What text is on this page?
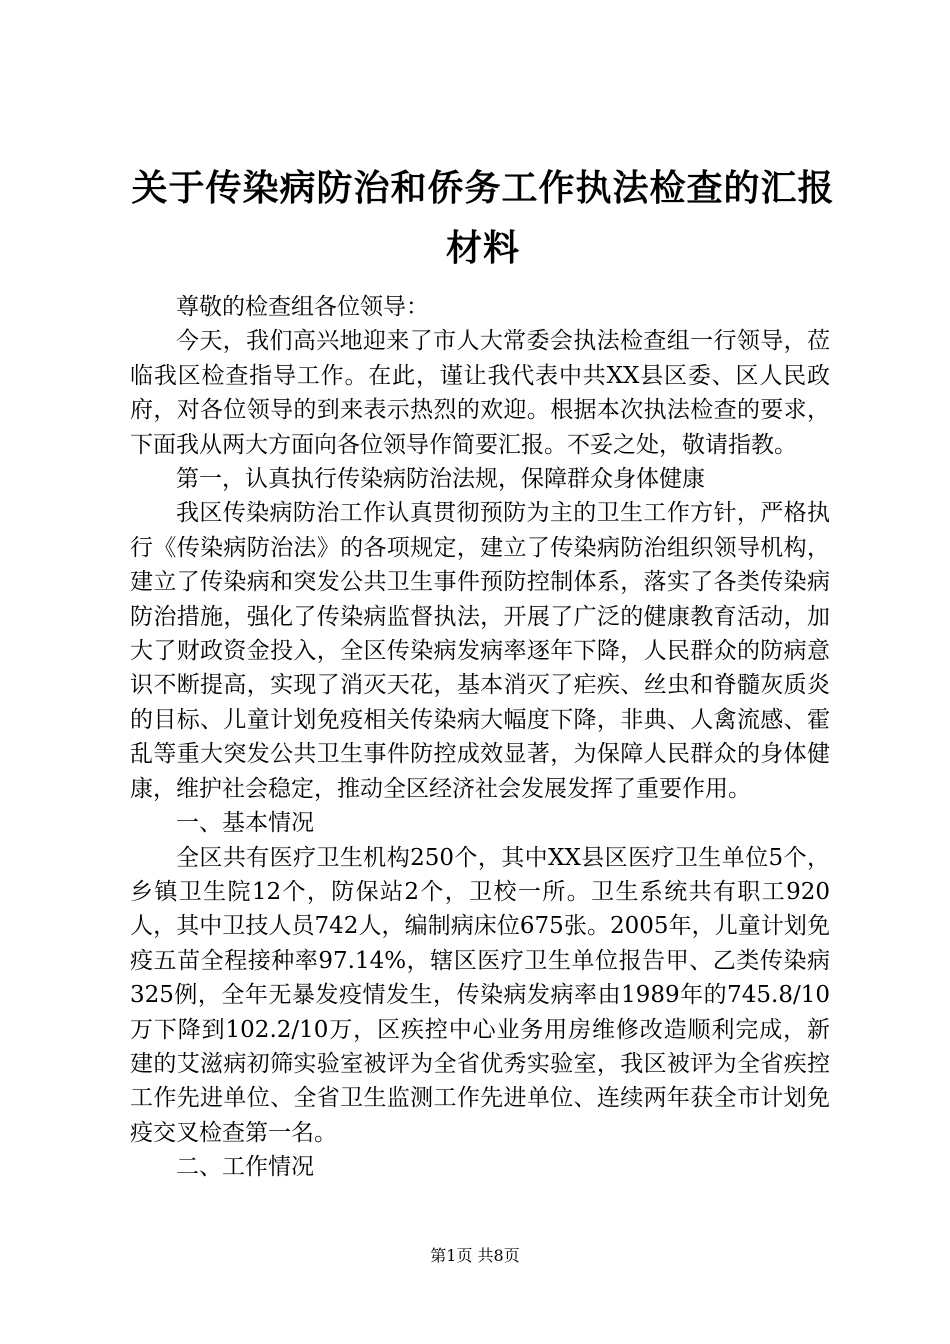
关于传染病防治和侨务工作执法检查的汇报材料

尊敬的检查组各位领导：

今天，我们高兴地迎来了市人大常委会执法检查组一行领导，莅临我区检查指导工作。在此，谨让我代表中共XX县区委、区人民政府，对各位领导的到来表示热烈的欢迎。根据本次执法检查的要求，下面我从两大方面向各位领导作简要汇报。不妥之处，敬请指教。

第一，认真执行传染病防治法规，保障群众身体健康

我区传染病防治工作认真贯彻预防为主的卫生工作方针，严格执行《传染病防治法》的各项规定，建立了传染病防治组织领导机构，建立了传染病和突发公共卫生事件预防控制体系，落实了各类传染病防治措施，强化了传染病监督执法，开展了广泛的健康教育活动，加大了财政资金投入，全区传染病发病率逐年下降，人民群众的防病意识不断提高，实现了消灭天花，基本消灭了疟疾、丝虫和脊髓灰质炎的目标、儿童计划免疫相关传染病大幅度下降，非典、人禽流感、霍乱等重大突发公共卫生事件防控成效显著，为保障人民群众的身体健康，维护社会稳定，推动全区经济社会发展发挥了重要作用。

一、基本情况

全区共有医疗卫生机构250个，其中XX县区医疗卫生单位5个，乡镇卫生院12个，防保站2个，卫校一所。卫生系统共有职工920人，其中卫技人员742人，编制病床位675张。2005年，儿童计划免疫五苗全程接种率97.14%，辖区医疗卫生单位报告甲、乙类传染病325例，全年无暴发疫情发生，传染病发病率由1989年的745.8/10万下降到102.2/10万，区疾控中心业务用房维修改造顺利完成，新建的艾滋病初筛实验室被评为全省优秀实验室，我区被评为全省疾控工作先进单位、全省卫生监测工作先进单位、连续两年获全市计划免疫交叉检查第一名。

二、工作情况

第1页 共8页
